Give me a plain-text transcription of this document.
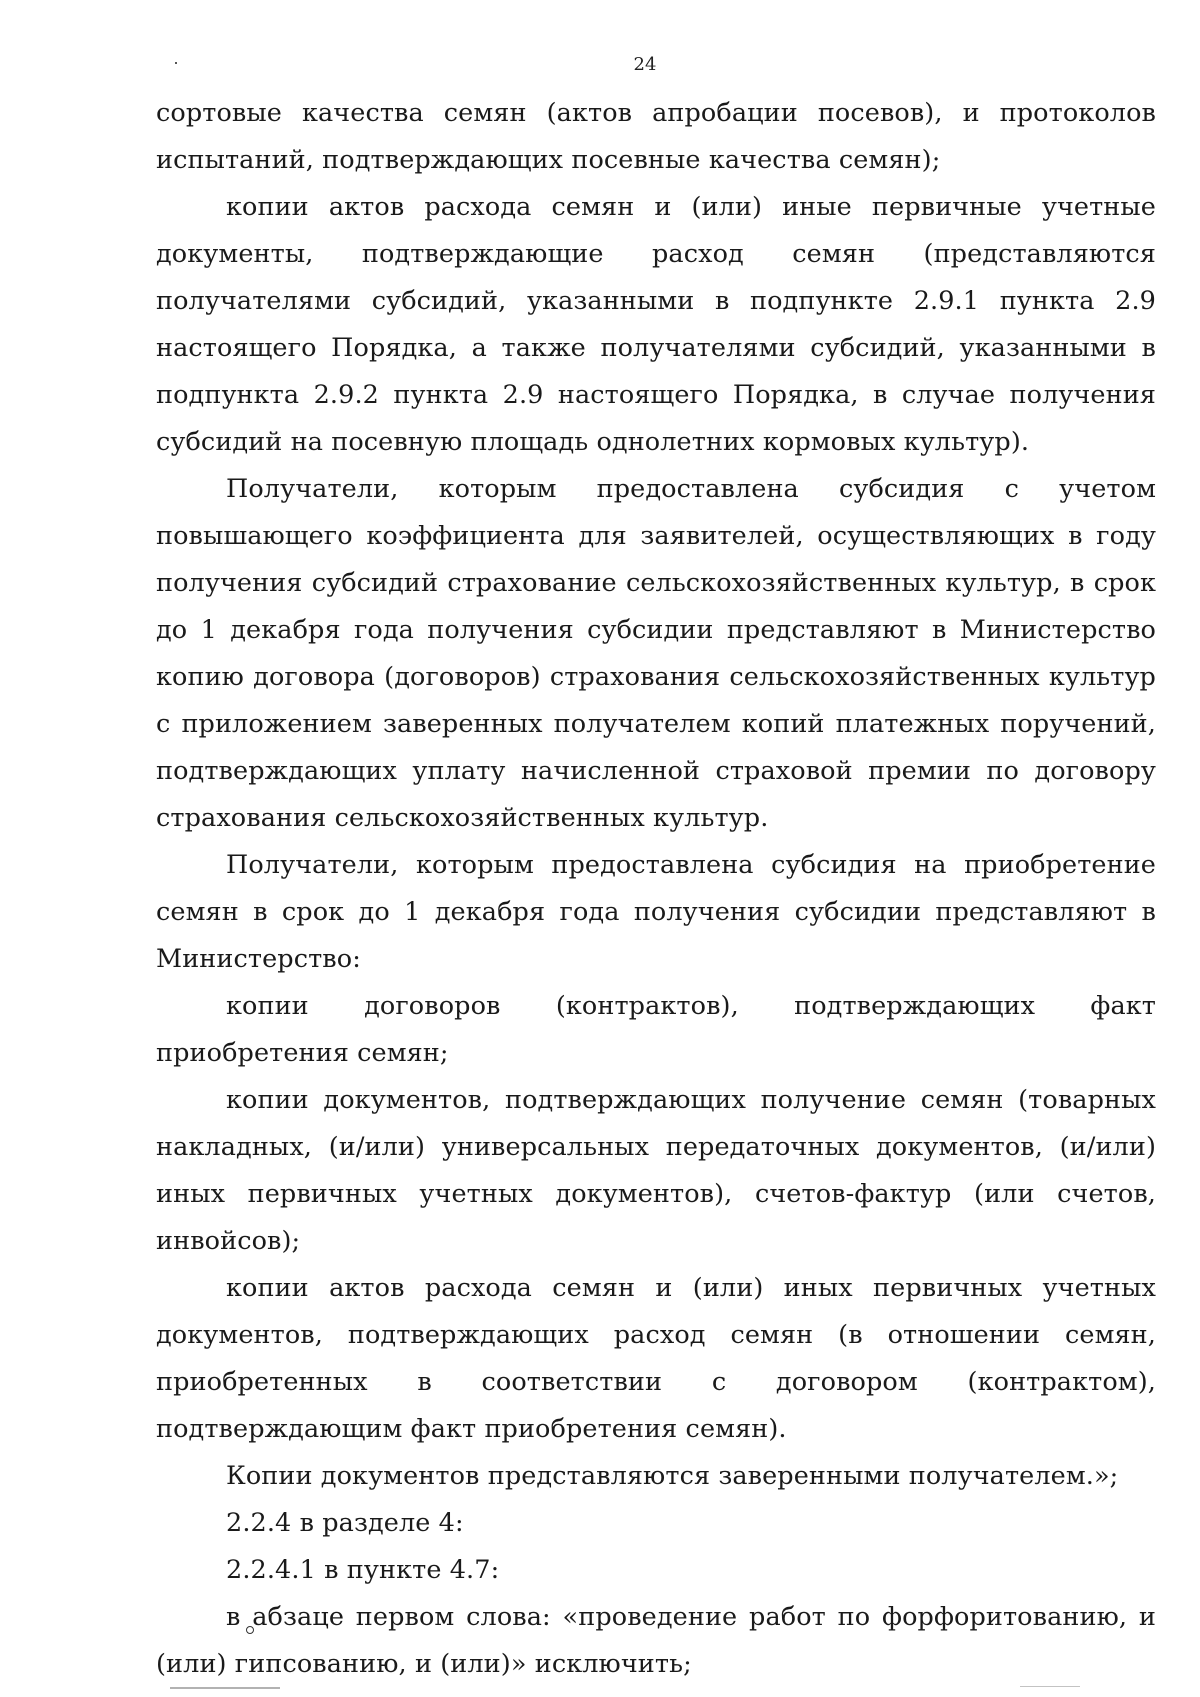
24

сортовые качества семян (актов апробации посевов), и протоколов испытаний, подтверждающих посевные качества семян);

копии актов расхода семян и (или) иные первичные учетные документы, подтверждающие расход семян (представляются получателями субсидий, указанными в подпункте 2.9.1 пункта 2.9 настоящего Порядка, а также получателями субсидий, указанными в подпункта 2.9.2 пункта 2.9 настоящего Порядка, в случае получения субсидий на посевную площадь однолетних кормовых культур).

Получатели, которым предоставлена субсидия с учетом повышающего коэффициента для заявителей, осуществляющих в году получения субсидий страхование сельскохозяйственных культур, в срок до 1 декабря года получения субсидии представляют в Министерство копию договора (договоров) страхования сельскохозяйственных культур с приложением заверенных получателем копий платежных поручений, подтверждающих уплату начисленной страховой премии по договору страхования сельскохозяйственных культур.

Получатели, которым предоставлена субсидия на приобретение семян в срок до 1 декабря года получения субсидии представляют в Министерство:

копии договоров (контрактов), подтверждающих факт приобретения семян;

копии документов, подтверждающих получение семян (товарных накладных, (и/или) универсальных передаточных документов, (и/или) иных первичных учетных документов), счетов-фактур (или счетов, инвойсов);

копии актов расхода семян и (или) иных первичных учетных документов, подтверждающих расход семян (в отношении семян, приобретенных в соответствии с договором (контрактом), подтверждающим факт приобретения семян).

Копии документов представляются заверенными получателем.»;

2.2.4 в разделе 4:

2.2.4.1 в пункте 4.7:

в абзаце первом слова: «проведение работ по форфоритованию, и (или) гипсованию, и (или)» исключить;
